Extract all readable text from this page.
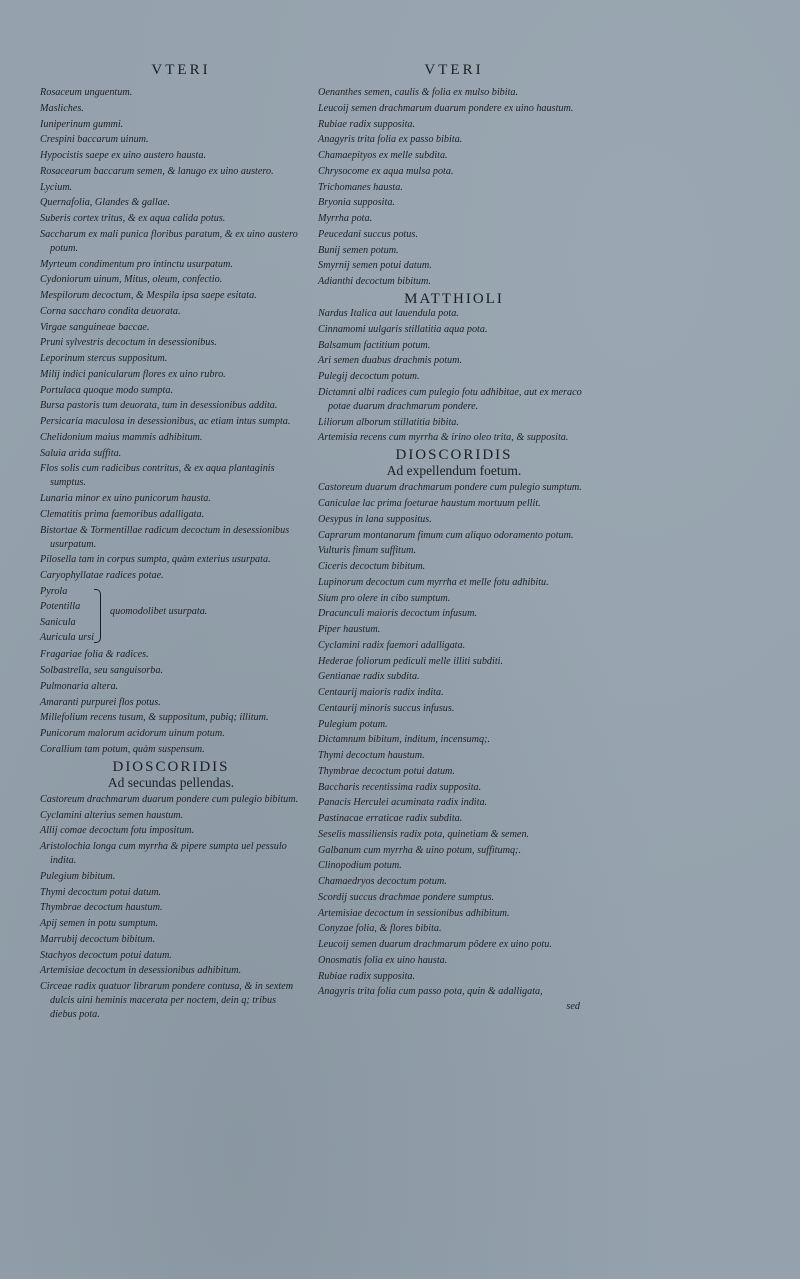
VTERI
Rosaceum unguentum.
Masliches.
Iuniperinum gummi.
Crespini baccarum uinum.
Hypocistis saepe ex uino austero hausta.
Rosacearum baccarum semen, & lanugo ex uino austero.
Lycium.
Quernafolia, Glandes & gallae.
Suberis cortex tritus, & ex aqua calida potus.
Saccharum ex mali punica floribus paratum, & ex uino austero potum.
Myrteum condimentum pro intinctu usurpatum.
Cydoniorum uinum, Mitus, oleum, confectio.
Mespilorum decoctum, & Mespila ipsa saepe esitata.
Corna saccharo condita deuorata.
Virgae sanguineae baccae.
Pruni sylvestris decoctum in desessionibus.
Leporinum stercus suppositum.
Milij indici panicularum flores ex uino rubro.
Portulaca quoque modo sumpta.
Bursa pastoris tum deuorata, tum in desessionibus addita.
Persicaria maculosa in desessionibus, ac etiam intus sumpta.
Chelidonium maius mammis adhibitum.
Saluia arida suffita.
Flos solis cum radicibus contritus, & ex aqua plantaginis sumptus.
Lunaria minor ex uino punicorum hausta.
Clematitis prima faemoribus adalligata.
Bistortae & Tormentillae radicum decoctum in desessionibus usurpatum.
Pilosella tam in corpus sumpta, quàm exterius usurpata.
Caryophyllatae radices potae.
Pyrola
Potentilla
Sanicula
Auricula ursi
quomodolibet usurpata.
Fragariae folia & radices.
Solbastrella, seu sanguisorba.
Pulmonaria altera.
Amaranti purpurei flos potus.
Millefolium recens tusum, & suppositum, pubiq; illitum.
Punicorum malorum acidorum uinum potum.
Corallium tam potum, quàm suspensum.
DIOSCORIDIS
Ad secundas pellendas.
Castoreum drachmarum duarum pondere cum pulegio bibitum.
Cyclamini alterius semen haustum.
Allij comae decoctum fotu impositum.
Aristolochia longa cum myrrha & pipere sumpta uel pessulo indita.
Pulegium bibitum.
Thymi decoctum potui datum.
Thymbrae decoctum haustum.
Apij semen in potu sumptum.
Marrubij decoctum bibitum.
Stachyos decoctum potui datum.
Artemisiae decoctum in desessionibus adhibitum.
Circeae radix quatuor librarum pondere contusa, & in sextem dulcis uini heminis macerata per noctem, dein q; tribus diebus pota.
VTERI
Oenanthes semen, caulis & folia ex mulso bibita.
Leucoij semen drachmarum duarum pondere ex uino haustum.
Rubiae radix supposita.
Anagyris trita folia ex passo bibita.
Chamaepityos ex melle subdita.
Chrysocome ex aqua mulsa pota.
Trichomanes hausta.
Bryonia supposita.
Myrrha pota.
Peucedani succus potus.
Bunij semen potum.
Smyrnij semen potui datum.
Adianthi decoctum bibitum.
MATTHIOLI
Nardus Italica aut lauendula pota.
Cinnamomi uulgaris stillatitia aqua pota.
Balsamum factitium potum.
Ari semen duabus drachmis potum.
Pulegij decoctum potum.
Dictamni albi radices cum pulegio fotu adhibitae, aut ex meraco potae duarum drachmarum pondere.
Liliorum alborum stillatitia bibita.
Artemisia recens cum myrrha & irino oleo trita, & supposita.
DIOSCORIDIS
Ad expellendum foetum.
Castoreum duarum drachmarum pondere cum pulegio sumptum.
Caniculae lac prima foeturae haustum mortuum pellit.
Oesypus in lana suppositus.
Caprarum montanarum fimum cum aliquo odoramento potum.
Vulturis fimum suffitum.
Ciceris decoctum bibitum.
Lupinorum decoctum cum myrrha et melle fotu adhibitu.
Sium pro olere in cibo sumptum.
Dracunculi maioris decoctum infusum.
Piper haustum.
Cyclamini radix faemori adalligata.
Hederae foliorum pediculi melle illiti subditi.
Gentianae radix subdita.
Centaurij maioris radix indita.
Centaurij minoris succus infusus.
Pulegium potum.
Dictamnum bibitum, inditum, incensumq;.
Thymi decoctum haustum.
Thymbrae decoctum potui datum.
Baccharis recentissima radix supposita.
Panacis Herculei acuminata radix indita.
Pastinacae erraticae radix subdita.
Seselis massiliensis radix pota, quinetiam & semen.
Galbanum cum myrrha & uino potum, suffitumq;.
Clinopodium potum.
Chamaedryos decoctum potum.
Scordij succus drachmae pondere sumptus.
Artemisiae decoctum in sessionibus adhibitum.
Conyzae folia, & flores bibita.
Leucoij semen duarum drachmarum pôdere ex uino potu.
Onosmatis folia ex uino hausta.
Rubiae radix supposita.
Anagyris trita folia cum passo pota, quin & adalligata,
sed
